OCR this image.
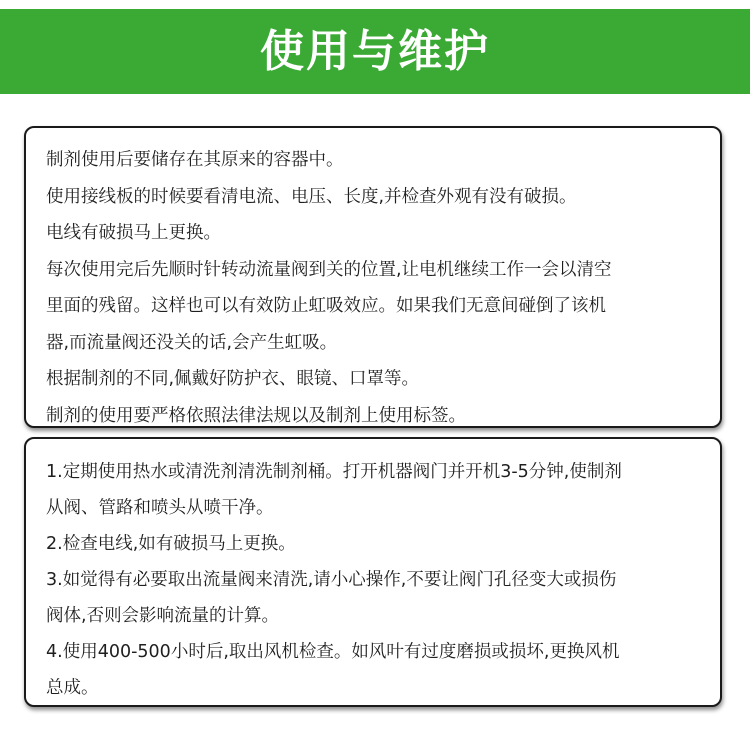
使用与维护
制剂使用后要储存在其原来的容器中。
使用接线板的时候要看清电流、电压、长度,并检查外观有没有破损。
电线有破损马上更换。
每次使用完后先顺时针转动流量阀到关的位置,让电机继续工作一会以清空
里面的残留。这样也可以有效防止虹吸效应。如果我们无意间碰倒了该机
器,而流量阀还没关的话,会产生虹吸。
根据制剂的不同,佩戴好防护衣、眼镜、口罩等。
制剂的使用要严格依照法律法规以及制剂上使用标签。
1.定期使用热水或清洗剂清洗制剂桶。打开机器阀门并开机3-5分钟,使制剂
从阀、管路和喷头从喷干净。
2.检查电线,如有破损马上更换。
3.如觉得有必要取出流量阀来清洗,请小心操作,不要让阀门孔径变大或损伤
阀体,否则会影响流量的计算。
4.使用400-500小时后,取出风机检查。如风叶有过度磨损或损坏,更换风机
总成。
